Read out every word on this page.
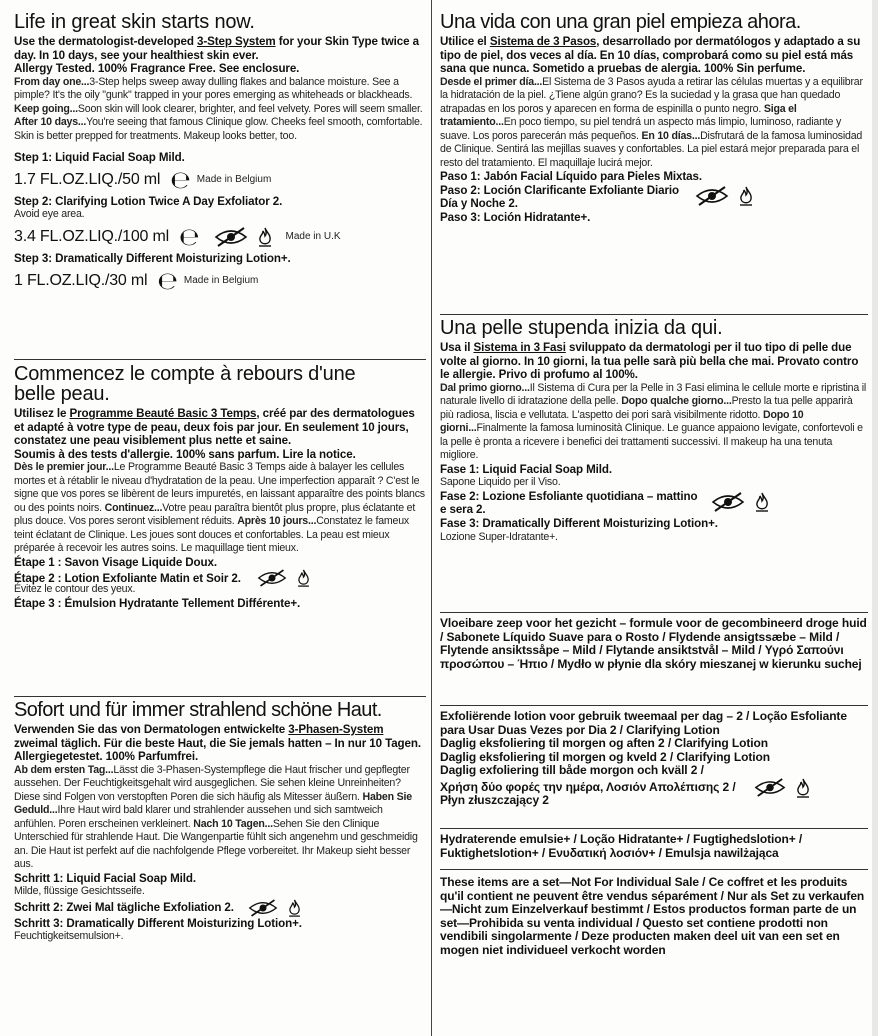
Life in great skin starts now.

Use the dermatologist-developed 3-Step System for your Skin Type twice a day. In 10 days, see your healthiest skin ever.

Allergy Tested. 100% Fragrance Free. See enclosure.

From day one...3-Step helps sweep away dulling flakes and balance moisture. See a pimple? It's the oily "gunk" trapped in your pores emerging as whiteheads or blackheads. Keep going...Soon skin will look clearer, brighter, and feel velvety. Pores will seem smaller. After 10 days...You're seeing that famous Clinique glow. Cheeks feel smooth, comfortable. Skin is better prepped for treatments. Makeup looks better, too.

Step 1: Liquid Facial Soap Mild.

1.7 FL.OZ.LIQ./50 ml ℮ Made in Belgium

Step 2: Clarifying Lotion Twice A Day Exfoliator 2.

Avoid eye area.

3.4 FL.OZ.LIQ./100 ml ℮	Made in U.K

Step 3: Dramatically Different Moisturizing Lotion+.

1 FL.OZ.LIQ./30 ml ℮ Made in Belgium
Commencez le compte à rebours d'une
belle peau.

Utilisez le Programme Beauté Basic 3 Temps, créé par des dermatologues et adapté à votre type de peau, deux fois par jour. En seulement 10 jours, constatez une peau visiblement plus nette et saine.

Soumis à des tests d'allergie. 100% sans parfum. Lire la notice.

Dès le premier jour...Le Programme Beauté Basic 3 Temps aide à balayer les cellules mortes et à rétablir le niveau d'hydratation de la peau. Une imperfection apparaît ? C'est le signe que vos pores se libèrent de leurs impuretés, en laissant apparaître des points blancs ou des points noirs. Continuez...Votre peau paraîtra bientôt plus propre, plus éclatante et plus douce. Vos pores seront visiblement réduits. Après 10 jours...Constatez le fameux teint éclatant de Clinique. Les joues sont douces et confortables. La peau est mieux préparée à recevoir les autres soins. Le maquillage tient mieux.

Étape 1 : Savon Visage Liquide Doux.

Étape 2 : Lotion Exfoliante Matin et Soir 2.

Évitez le contour des yeux.

Étape 3 : Émulsion Hydratante Tellement Différente+.

Sofort und für immer strahlend schöne Haut.

Verwenden Sie das von Dermatologen entwickelte 3-Phasen-System zweimal täglich. Für die beste Haut, die Sie jemals hatten – In nur 10 Tagen. Allergiegetestet. 100% Parfumfrei.

Ab dem ersten Tag...Lässt die 3-Phasen-Systempflege die Haut frischer und gepflegter aussehen. Der Feuchtigkeitsgehalt wird ausgeglichen. Sie sehen kleine Unreinheiten? Diese sind Folgen von verstopften Poren die sich häufig als Mitesser äußern. Haben Sie Geduld...Ihre Haut wird bald klarer und strahlender aussehen und sich samtweich anfühlen. Poren erscheinen verkleinert. Nach 10 Tagen...Sehen Sie den Clinique Unterschied für strahlende Haut. Die Wangenpartie fühlt sich angenehm und geschmeidig an. Die Haut ist perfekt auf die nachfolgende Pflege vorbereitet. Ihr Makeup sieht besser aus.

Schritt 1: Liquid Facial Soap Mild.

Milde, flüssige Gesichtsseife.

Schritt 2: Zwei Mal tägliche Exfoliation 2.

Schritt 3: Dramatically Different Moisturizing Lotion+.

Feuchtigkeitsemulsion+.

Una vida con una gran piel empieza ahora.

Utilice el Sistema de 3 Pasos, desarrollado por dermatólogos y adaptado a su tipo de piel, dos veces al día. En 10 días, comprobará como su piel está más sana que nunca. Sometido a pruebas de alergia. 100% Sin perfume.

Desde el primer día...El Sistema de 3 Pasos ayuda a retirar las células muertas y a equilibrar la hidratación de la piel. ¿Tiene algún grano? Es la suciedad y la grasa que han quedado atrapadas en los poros y aparecen en forma de espinilla o punto negro. Siga el tratamiento...En poco tiempo, su piel tendrá un aspecto más limpio, luminoso, radiante y suave. Los poros parecerán más pequeños. En 10 días...Disfrutará de la famosa luminosidad de Clinique. Sentirá las mejillas suaves y confortables. La piel estará mejor preparada para el resto del tratamiento. El maquillaje lucirá mejor.

Paso 1: Jabón Facial Líquido para Pieles Mixtas.

Paso 2: Loción Clarificante Exfoliante Diario

Día y Noche 2.

Paso 3: Loción Hidratante+.

Una pelle stupenda inizia da qui.

Usa il Sistema in 3 Fasi sviluppato da dermatologi per il tuo tipo di pelle due volte al giorno. In 10 giorni, la tua pelle sarà più bella che mai. Provato contro le allergie. Privo di profumo al 100%.

Dal primo giorno...Il Sistema di Cura per la Pelle in 3 Fasi elimina le cellule morte e ripristina il naturale livello di idratazione della pelle. Dopo qualche giorno...Presto la tua pelle apparirà più radiosa, liscia e vellutata. L'aspetto dei pori sarà visibilmente ridotto. Dopo 10 giorni...Finalmente la famosa luminosità Clinique. Le guance appaiono levigate, confortevoli e la pelle è pronta a ricevere i benefici dei trattamenti successivi. Il makeup ha una tenuta migliore.

Fase 1: Liquid Facial Soap Mild.

Sapone Liquido per il Viso.

Fase 2: Lozione Esfoliante quotidiana – mattino

e sera 2.

Fase 3: Dramatically Different Moisturizing Lotion+.

Lozione Super-Idratante+.

Vloeibare zeep voor het gezicht – formule voor de gecombineerd droge huid / Sabonete Líquido Suave para o Rosto / Flydende ansigtssæbe – Mild / Flytende ansiktssåpe – Mild / Flytande ansiktstvål – Mild / Υγρό Σαπούνι προσώπου – Ήπιο / Mydło w płynie dla skóry mieszanej w kierunku suchej

Exfoliërende lotion voor gebruik tweemaal per dag – 2 / Loção Esfoliante para Usar Duas Vezes por Dia 2 / Clarifying Lotion

Daglig eksfoliering til morgen og aften 2 / Clarifying Lotion

Daglig eksfoliering til morgen og kveld 2 / Clarifying Lotion

Daglig exfoliering till både morgon och kväll 2 /

Χρήση δύο φορές την ημέρα, Λοσιόν Απολέπισης 2 /

Płyn złuszczający 2

Hydraterende emulsie+ / Loção Hidratante+ / Fugtighedslotion+ / Fuktighetslotion+ / Ενυδατική λοσιόν+ / Emulsja nawilżająca

These items are a set—Not For Individual Sale / Ce coffret et les produits qu'il contient ne peuvent être vendus séparément / Nur als Set zu verkaufen—Nicht zum Einzelverkauf bestimmt / Estos productos forman parte de un set—Prohibida su venta individual / Questo set contiene prodotti non vendibili singolarmente / Deze producten maken deel uit van een set en mogen niet individueel verkocht worden
